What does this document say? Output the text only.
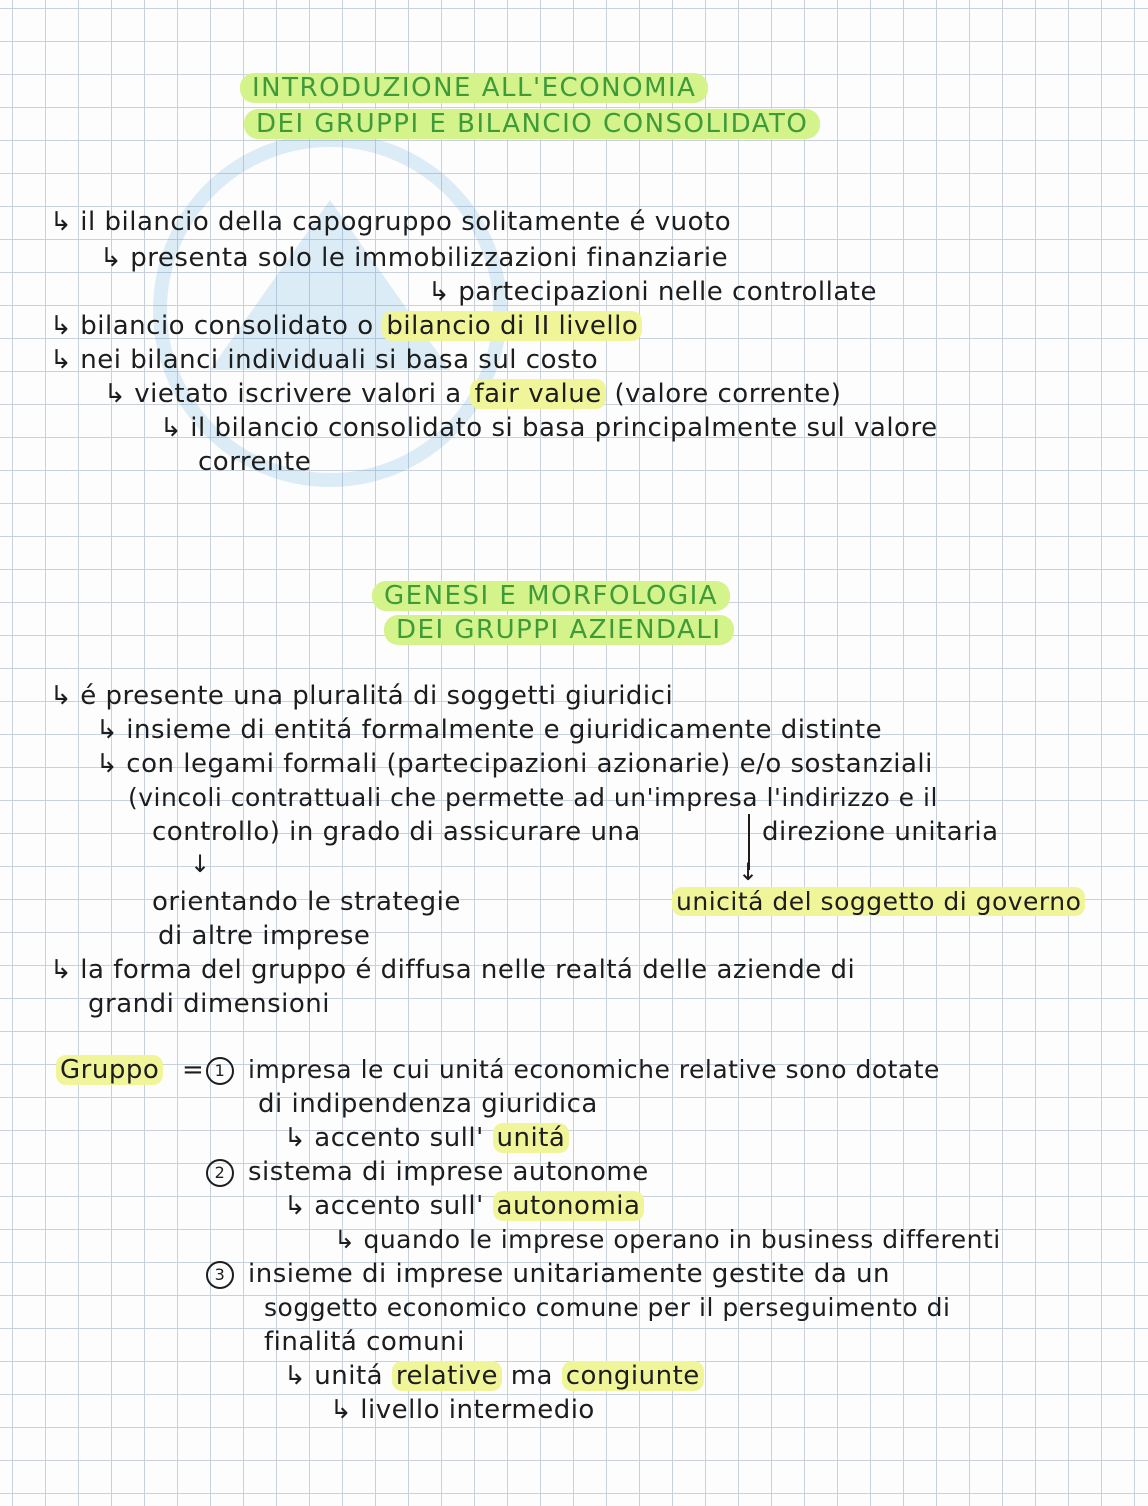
INTRODUZIONE ALL'ECONOMIA
DEI GRUPPI E BILANCIO CONSOLIDATO
↳ il bilancio della capogruppo solitamente é vuoto
↳ presenta solo le immobilizzazioni finanziarie
↳ partecipazioni nelle controllate
↳ bilancio consolidato o bilancio di II livello
↳ nei bilanci individuali si basa sul costo
↳ vietato iscrivere valori a fair value (valore corrente)
↳ il bilancio consolidato si basa principalmente sul valore
corrente
GENESI E MORFOLOGIA
DEI GRUPPI AZIENDALI
↳ é presente una pluralitá di soggetti giuridici
↳ insieme di entitá formalmente e giuridicamente distinte
↳ con legami formali (partecipazioni azionarie) e/o sostanziali
(vincoli contrattuali che permette ad un'impresa l'indirizzo e il
controllo) in grado di assicurare una	direzione unitaria
↓	↓
orientando le strategie	unicitá del soggetto di governo
di altre imprese
↳ la forma del gruppo é diffusa nelle realtá delle aziende di
grandi dimensioni
Gruppo = 1 impresa le cui unitá economiche relative sono dotate
di indipendenza giuridica
↳ accento sull' unitá
2 sistema di imprese autonome
↳ accento sull' autonomia
↳ quando le imprese operano in business differenti
3 insieme di imprese unitariamente gestite da un
soggetto economico comune per il perseguimento di
finalitá comuni
↳ unitá relative ma congiunte
↳ livello intermedio
